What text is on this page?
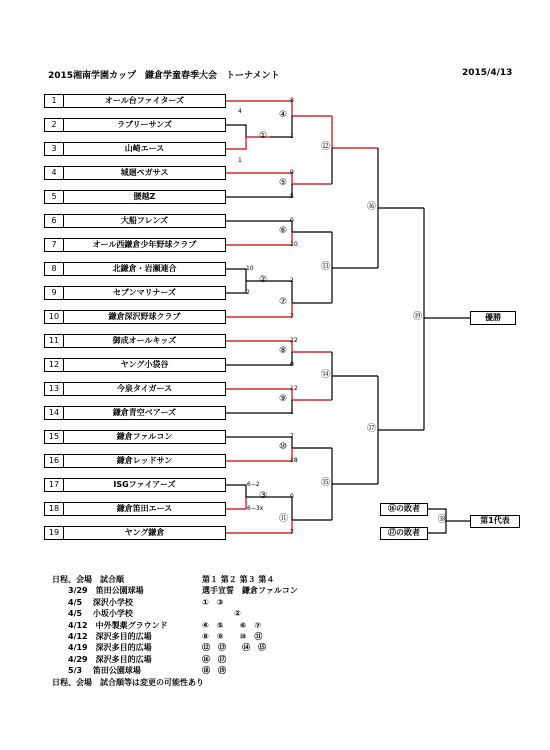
2015湘南学園カップ　鎌倉学童春季大会　トーナメント	2015/4/13
1	オール台ファイターズ
2	ラブリーサンズ
3	山崎エース
4	城廻ペガサス
5	腰越Z
6	大船フレンズ
7	オール西鎌倉少年野球クラブ
8	北鎌倉・岩瀬連合
9	セブンマリナーズ
10	鎌倉深沢野球クラブ
11	御成オールキッズ
12	ヤング小袋谷
13	今泉タイガース
14	鎌倉青空ベアーズ
15	鎌倉ファルコン
16	鎌倉レッドサン
17	ISGファイアーズ
18	鎌倉笛田エース
19	ヤング鎌倉
①
②
③
④
⑤
⑥
⑦
⑧
⑨
⑩
⑪
⑫
⑬
⑭
⑮
⑯
⑰
⑱
⑲
4
1
8
1
9
5
0
10
10
2
2
7
22
0
12
1
7
18
6−2
6−3x
0
7
優勝
⑯の敗者
⑰の敗者
第1代表
日程、会場　試合順	第１ 第２ 第３ 第４
　　3/29　笛田公園球場	選手宣誓　鎌倉ファルコン
　　4/5　 深沢小学校	①　③
　　4/5　 小坂小学校	　　　　②
　　4/12　中外製薬グラウンド	④　⑤　　⑥　⑦
　　4/12　深沢多目的広場	⑧　⑨　　⑩　⑪
　　4/19　深沢多目的広場	⑫　⑬　　⑭　⑮
　　4/29　深沢多目的広場	⑯　⑰
　　5/3　 笛田公園球場	⑱　⑲
日程、会場　試合順等は変更の可能性あり
